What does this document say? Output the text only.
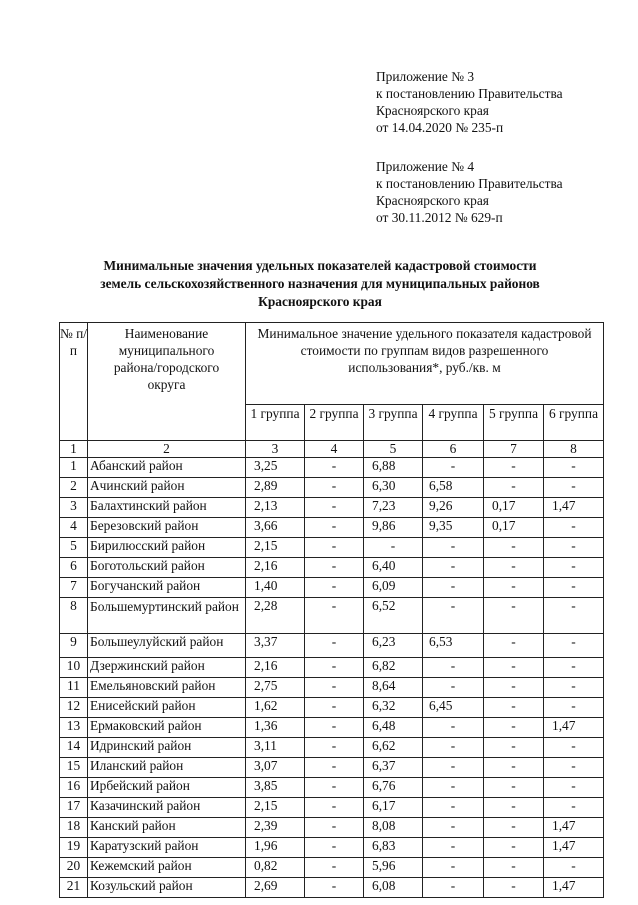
Приложение № 3
к постановлению Правительства
Красноярского края
от 14.04.2020 № 235-п
Приложение № 4
к постановлению Правительства
Красноярского края
от 30.11.2012 № 629-п
Минимальные значения удельных показателей кадастровой стоимости
земель сельскохозяйственного назначения для муниципальных районов
Красноярского края
№ п/п	Наименование муниципального района/городского округа	Минимальное значение удельного показателя кадастровой стоимости по группам видов разрешенного использования*, руб./кв. м					
		1 группа	2 группа	3 группа	4 группа	5 группа	6 группа
1	2	3	4	5	6	7	8
1	Абанский район	3,25	-	6,88	-	-	-
2	Ачинский район	2,89	-	6,30	6,58	-	-
3	Балахтинский район	2,13	-	7,23	9,26	0,17	1,47
4	Березовский район	3,66	-	9,86	9,35	0,17	-
5	Бирилюсский район	2,15	-	-	-	-	-
6	Боготольский район	2,16	-	6,40	-	-	-
7	Богучанский район	1,40	-	6,09	-	-	-
8	Большемуртинский район	2,28	-	6,52	-	-	-
9	Большеулуйский район	3,37	-	6,23	6,53	-	-
10	Дзержинский район	2,16	-	6,82	-	-	-
11	Емельяновский район	2,75	-	8,64	-	-	-
12	Енисейский район	1,62	-	6,32	6,45	-	-
13	Ермаковский район	1,36	-	6,48	-	-	1,47
14	Идринский район	3,11	-	6,62	-	-	-
15	Иланский район	3,07	-	6,37	-	-	-
16	Ирбейский район	3,85	-	6,76	-	-	-
17	Казачинский район	2,15	-	6,17	-	-	-
18	Канский район	2,39	-	8,08	-	-	1,47
19	Каратузский район	1,96	-	6,83	-	-	1,47
20	Кежемский район	0,82	-	5,96	-	-	-
21	Козульский район	2,69	-	6,08	-	-	1,47
